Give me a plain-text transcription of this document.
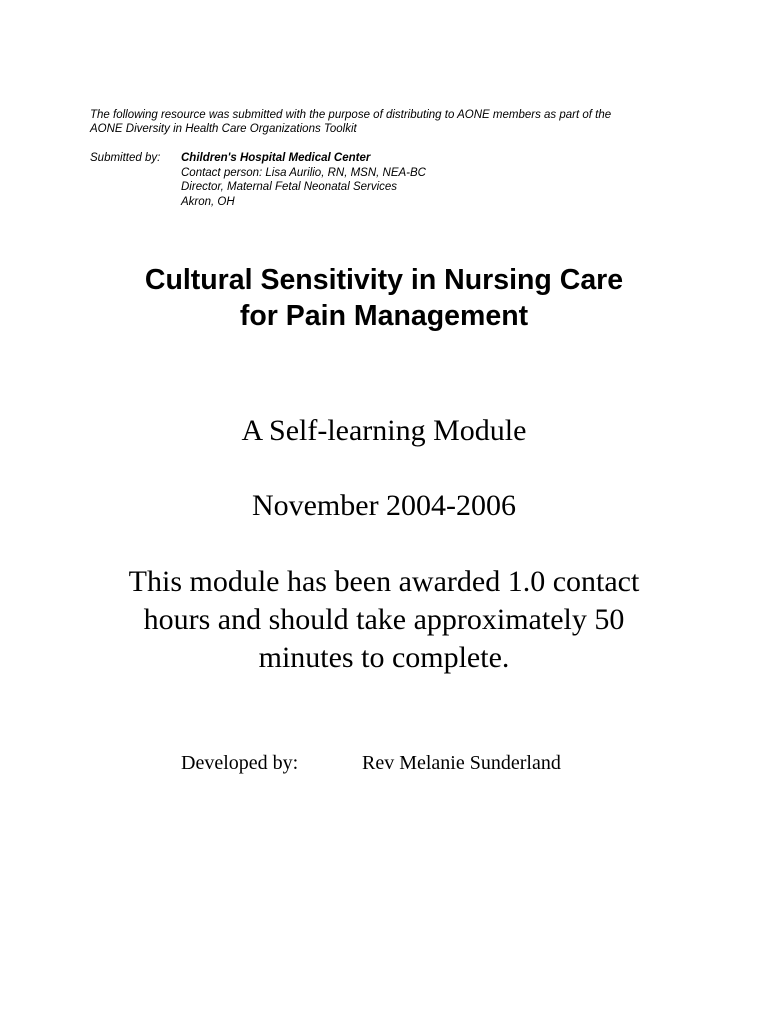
The following resource was submitted with the purpose of distributing to AONE members as part of the
AONE Diversity in Health Care Organizations Toolkit
Submitted by: Children's Hospital Medical Center
Contact person: Lisa Aurilio, RN, MSN, NEA-BC
Director, Maternal Fetal Neonatal Services
Akron, OH
Cultural Sensitivity in Nursing Care
for Pain Management
A Self-learning Module
November 2004-2006
This module has been awarded 1.0 contact
hours and should take approximately 50
minutes to complete.
Developed by:	Rev Melanie Sunderland
